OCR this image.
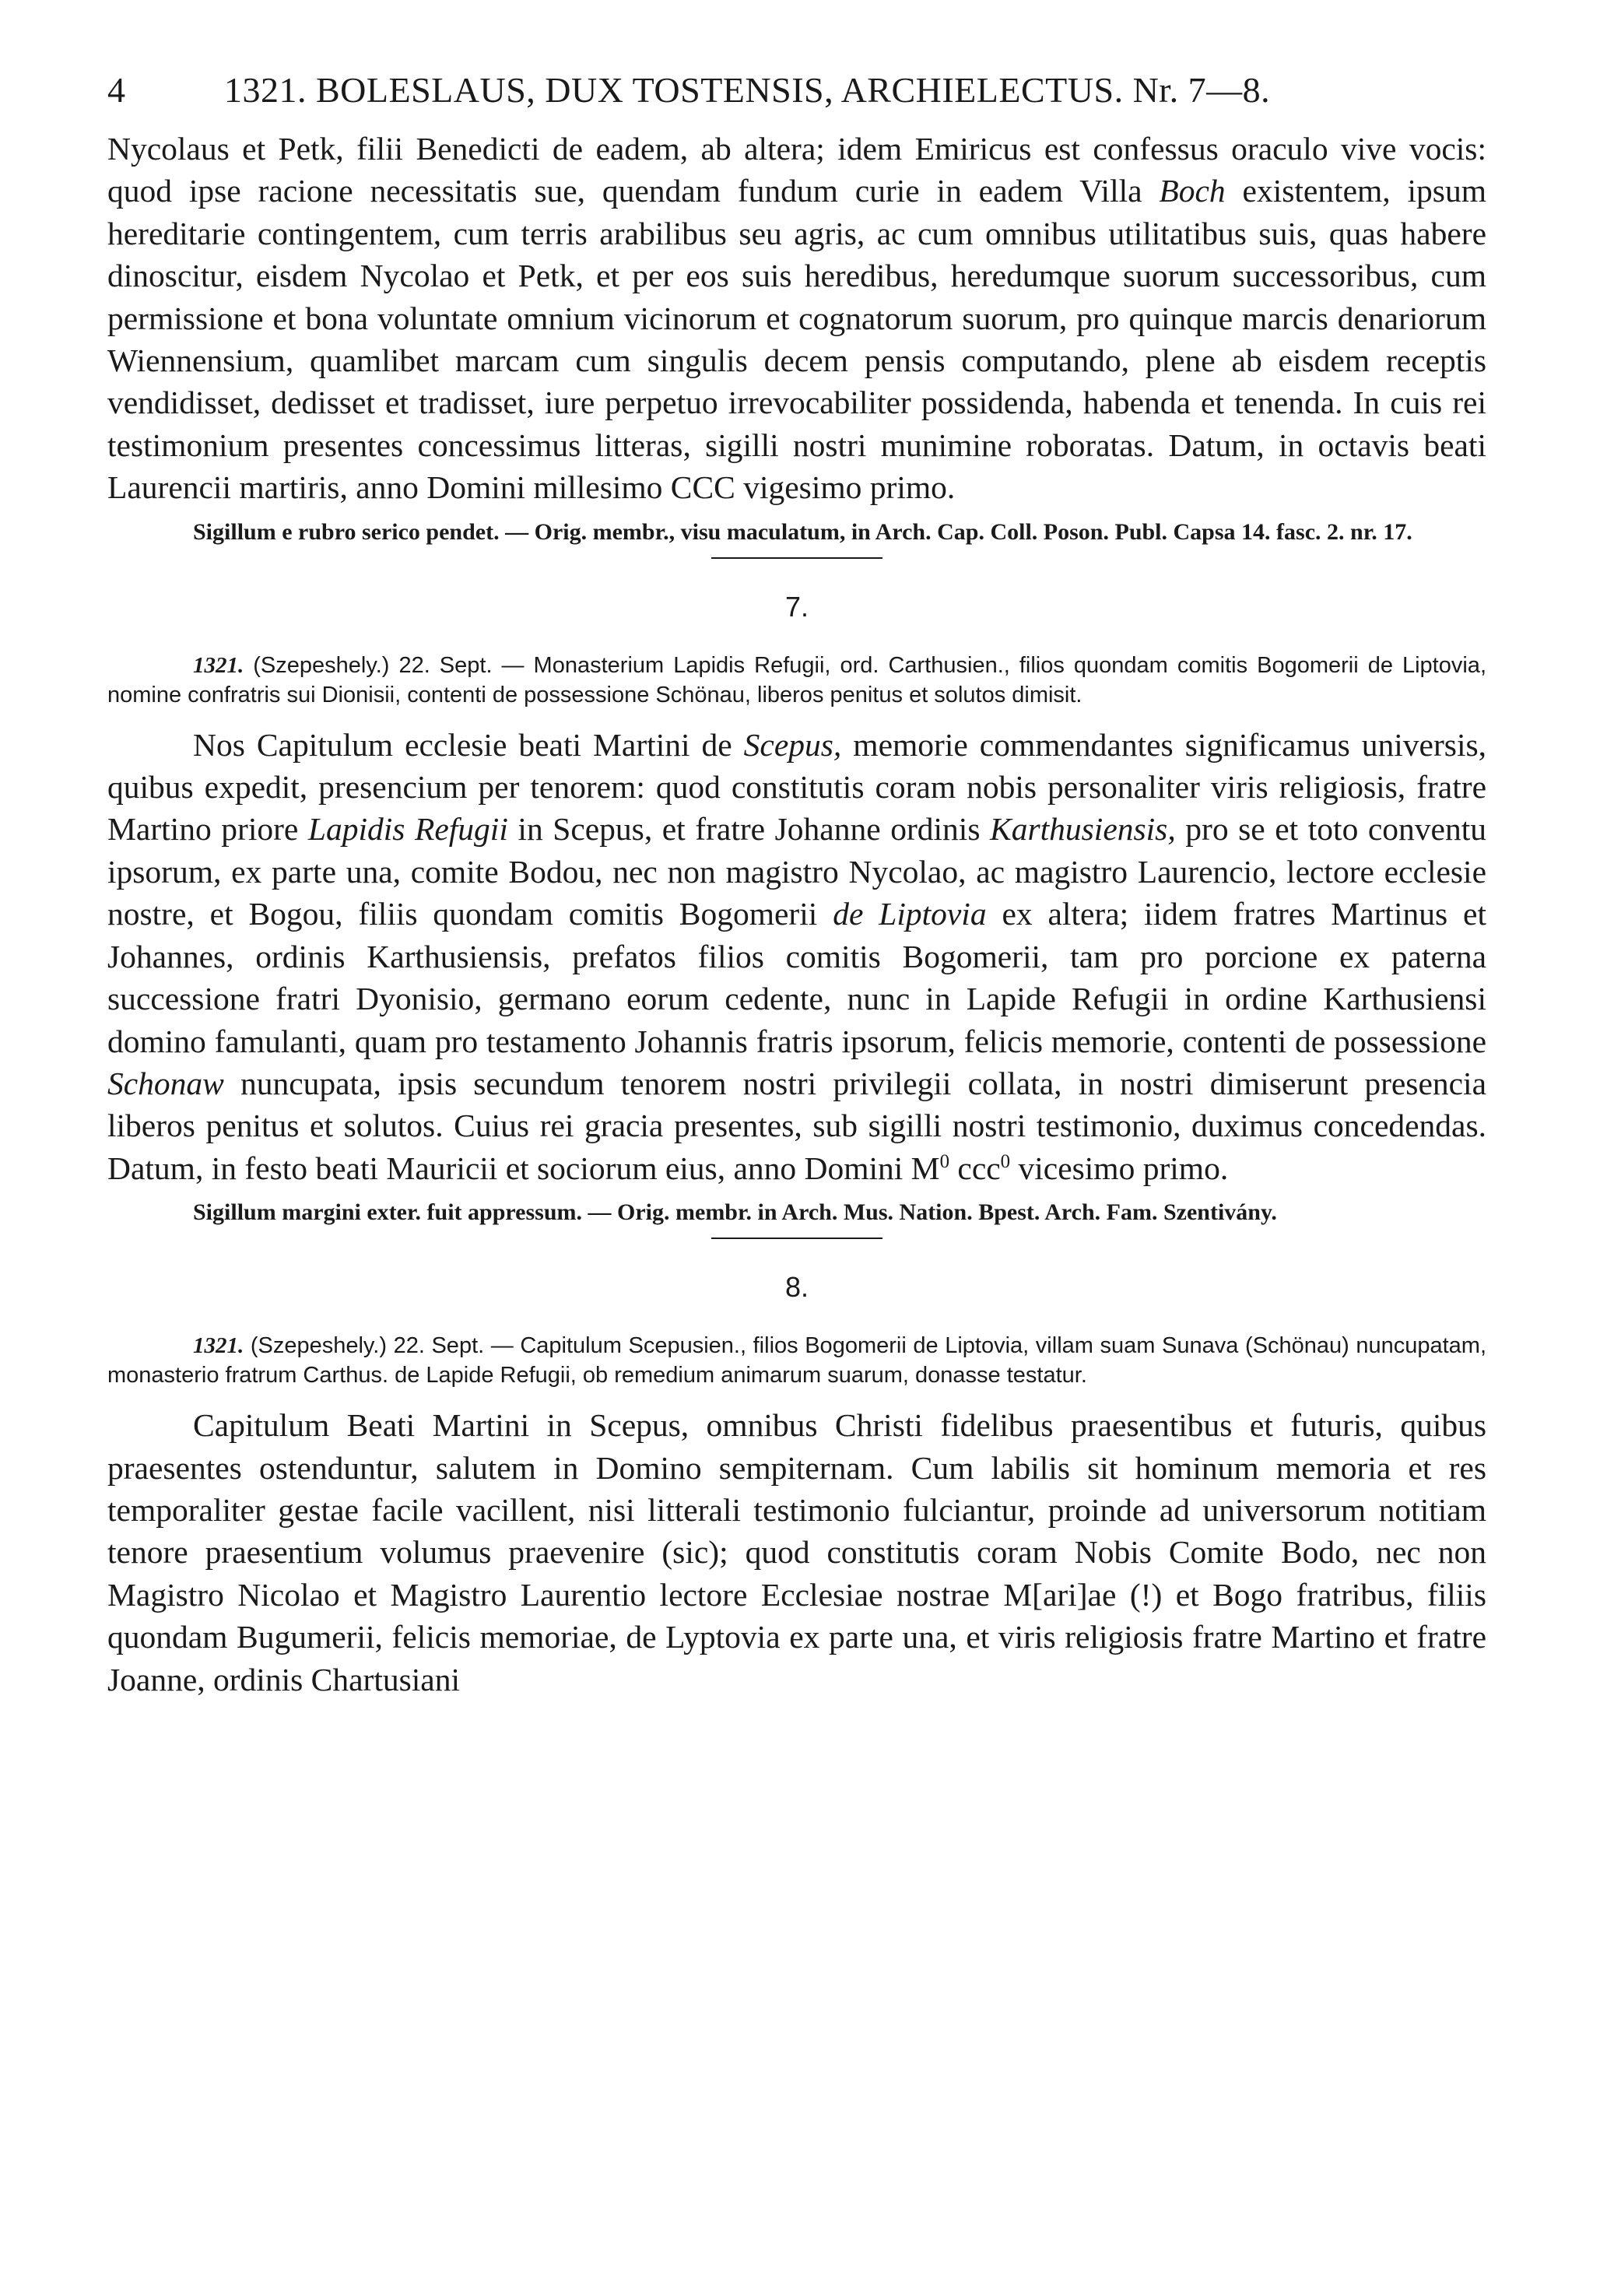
4	1321. BOLESLAUS, DUX TOSTENSIS, ARCHIELECTUS. Nr. 7—8.

Nycolaus et Petk, filii Benedicti de eadem, ab altera; idem Emiricus est confessus oraculo vive vocis: quod ipse racione necessitatis sue, quendam fundum curie in eadem Villa Boch existentem, ipsum hereditarie contingentem, cum terris arabilibus seu agris, ac cum omnibus utilitatibus suis, quas habere dinoscitur, eisdem Nycolao et Petk, et per eos suis heredibus, heredumque suorum successoribus, cum permissione et bona voluntate omnium vicinorum et cognatorum suorum, pro quinque marcis denariorum Wiennensium, quamlibet marcam cum singulis decem pensis computando, plene ab eisdem receptis vendidisset, dedisset et tradisset, iure perpetuo irrevocabiliter possidenda, habenda et tenenda. In cuis rei testimonium presentes concessimus litteras, sigilli nostri munimine roboratas. Datum, in octavis beati Laurencii martiris, anno Domini millesimo CCC vigesimo primo.

Sigillum e rubro serico pendet. — Orig. membr., visu maculatum, in Arch. Cap. Coll. Poson. Publ. Capsa 14. fasc. 2. nr. 17.

7.

1321. (Szepeshely.) 22. Sept. — Monasterium Lapidis Refugii, ord. Carthusien., filios quondam comitis Bogomerii de Liptovia, nomine confratris sui Dionisii, contenti de possessione Schönau, liberos penitus et solutos dimisit.

Nos Capitulum ecclesie beati Martini de Scepus, memorie commendantes significamus universis, quibus expedit, presencium per tenorem: quod constitutis coram nobis personaliter viris religiosis, fratre Martino priore Lapidis Refugii in Scepus, et fratre Johanne ordinis Karthusiensis, pro se et toto conventu ipsorum, ex parte una, comite Bodou, nec non magistro Nycolao, ac magistro Laurencio, lectore ecclesie nostre, et Bogou, filiis quondam comitis Bogomerii de Liptovia ex altera; iidem fratres Martinus et Johannes, ordinis Karthusiensis, prefatos filios comitis Bogomerii, tam pro porcione ex paterna successione fratri Dyonisio, germano eorum cedente, nunc in Lapide Refugii in ordine Karthusiensi domino famulanti, quam pro testamento Johannis fratris ipsorum, felicis memorie, contenti de possessione Schonaw nuncupata, ipsis secundum tenorem nostri privilegii collata, in nostri dimiserunt presencia liberos penitus et solutos. Cuius rei gracia presentes, sub sigilli nostri testimonio, duximus concedendas. Datum, in festo beati Mauricii et sociorum eius, anno Domini $M^0$ ccc$^0$ vicesimo primo.

Sigillum margini exter. fuit appressum. — Orig. membr. in Arch. Mus. Nation. Bpest. Arch. Fam. Szentivány.

8.

1321. (Szepeshely.) 22. Sept. — Capitulum Scepusien., filios Bogomerii de Liptovia, villam suam Sunava (Schönau) nuncupatam, monasterio fratrum Carthus. de Lapide Refugii, ob remedium animarum suarum, donasse testatur.

Capitulum Beati Martini in Scepus, omnibus Christi fidelibus praesentibus et futuris, quibus praesentes ostenduntur, salutem in Domino sempiternam. Cum labilis sit hominum memoria et res temporaliter gestae facile vacillent, nisi litterali testimonio fulciantur, proinde ad universorum notitiam tenore praesentium volumus praevenire (sic); quod constitutis coram Nobis Comite Bodo, nec non Magistro Nicolao et Magistro Laurentio lectore Ecclesiae nostrae M[ari]ae (!) et Bogo fratribus, filiis quondam Bugumerii, felicis memoriae, de Lyptovia ex parte una, et viris religiosis fratre Martino et fratre Joanne, ordinis Chartusiani
